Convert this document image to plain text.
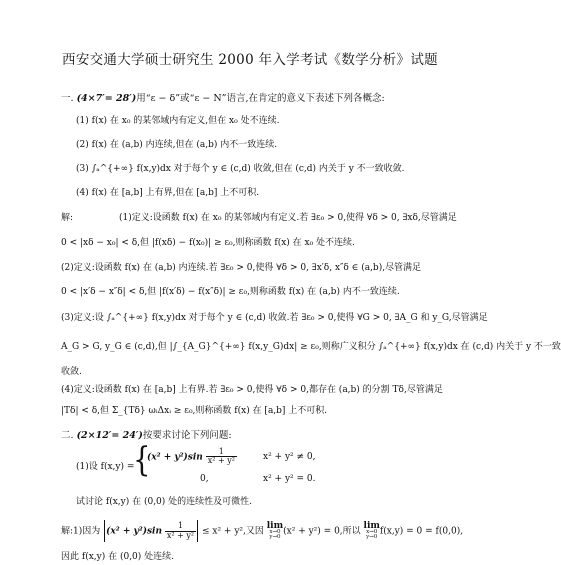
西安交通大学硕士研究生 2000 年入学考试《数学分析》试题
一. (4×7′= 28′)用“ε − δ”或“ε − N”语言,在肯定的意义下表述下列各概念:
(1) f(x) 在 x₀ 的某邻域内有定义,但在 x₀ 处不连续.
(2) f(x) 在 (a,b) 内连续,但在 (a,b) 内不一致连续.
(3) ∫ₐ^{+∞} f(x,y)dx 对于每个 y ∈ (c,d) 收敛,但在 (c,d) 内关于 y 不一致收敛.
(4) f(x) 在 [a,b] 上有界,但在 [a,b] 上不可积.
解:	(1)定义:设函数 f(x) 在 x₀ 的某邻域内有定义.若 ∃ε₀ > 0,使得 ∀δ > 0, ∃xδ,尽管满足
0 < |xδ − x₀| < δ,但 |f(xδ) − f(x₀)| ≥ ε₀,则称函数 f(x) 在 x₀ 处不连续.
(2)定义:设函数 f(x) 在 (a,b) 内连续.若 ∃ε₀ > 0,使得 ∀δ > 0, ∃x′δ, x″δ ∈ (a,b),尽管满足
0 < |x′δ − x″δ| < δ,但 |f(x′δ) − f(x″δ)| ≥ ε₀,则称函数 f(x) 在 (a,b) 内不一致连续.
(3)定义:设 ∫ₐ^{+∞} f(x,y)dx 对于每个 y ∈ (c,d) 收敛.若 ∃ε₀ > 0,使得 ∀G > 0, ∃A_G 和 y_G,尽管满足
A_G > G, y_G ∈ (c,d),但 |∫_{A_G}^{+∞} f(x,y_G)dx| ≥ ε₀,则称广义积分 ∫ₐ^{+∞} f(x,y)dx 在 (c,d) 内关于 y 不一致
收敛.
(4)定义:设函数 f(x) 在 [a,b] 上有界.若 ∃ε₀ > 0,使得 ∀δ > 0,都存在 (a,b) 的分割 Tδ,尽管满足
|Tδ| < δ,但 Σ_{Tδ} ωᵢΔxᵢ ≥ ε₀,则称函数 f(x) 在 [a,b] 上不可积.
二. (2×12′= 24′)按要求讨论下列问题:
(1)设 f(x,y) =
{
$(x^2 + y^2)\sin \frac{1}{\text{x² + y²}}$	x² + y² ≠ 0,
0,	x² + y² = 0.
试讨论 f(x,y) 在 (0,0) 处的连续性及可微性.
解:1)因为 $(x^2 + y^2)\sin \frac{1}{\text{x² + y²}} \le x^2 + y^2$,又因
lim
x→0
y→0
(x² + y²) = 0,所以
lim
x→0
y→0
f(x,y) = 0 = f(0,0),
因此 f(x,y) 在 (0,0) 处连续.
